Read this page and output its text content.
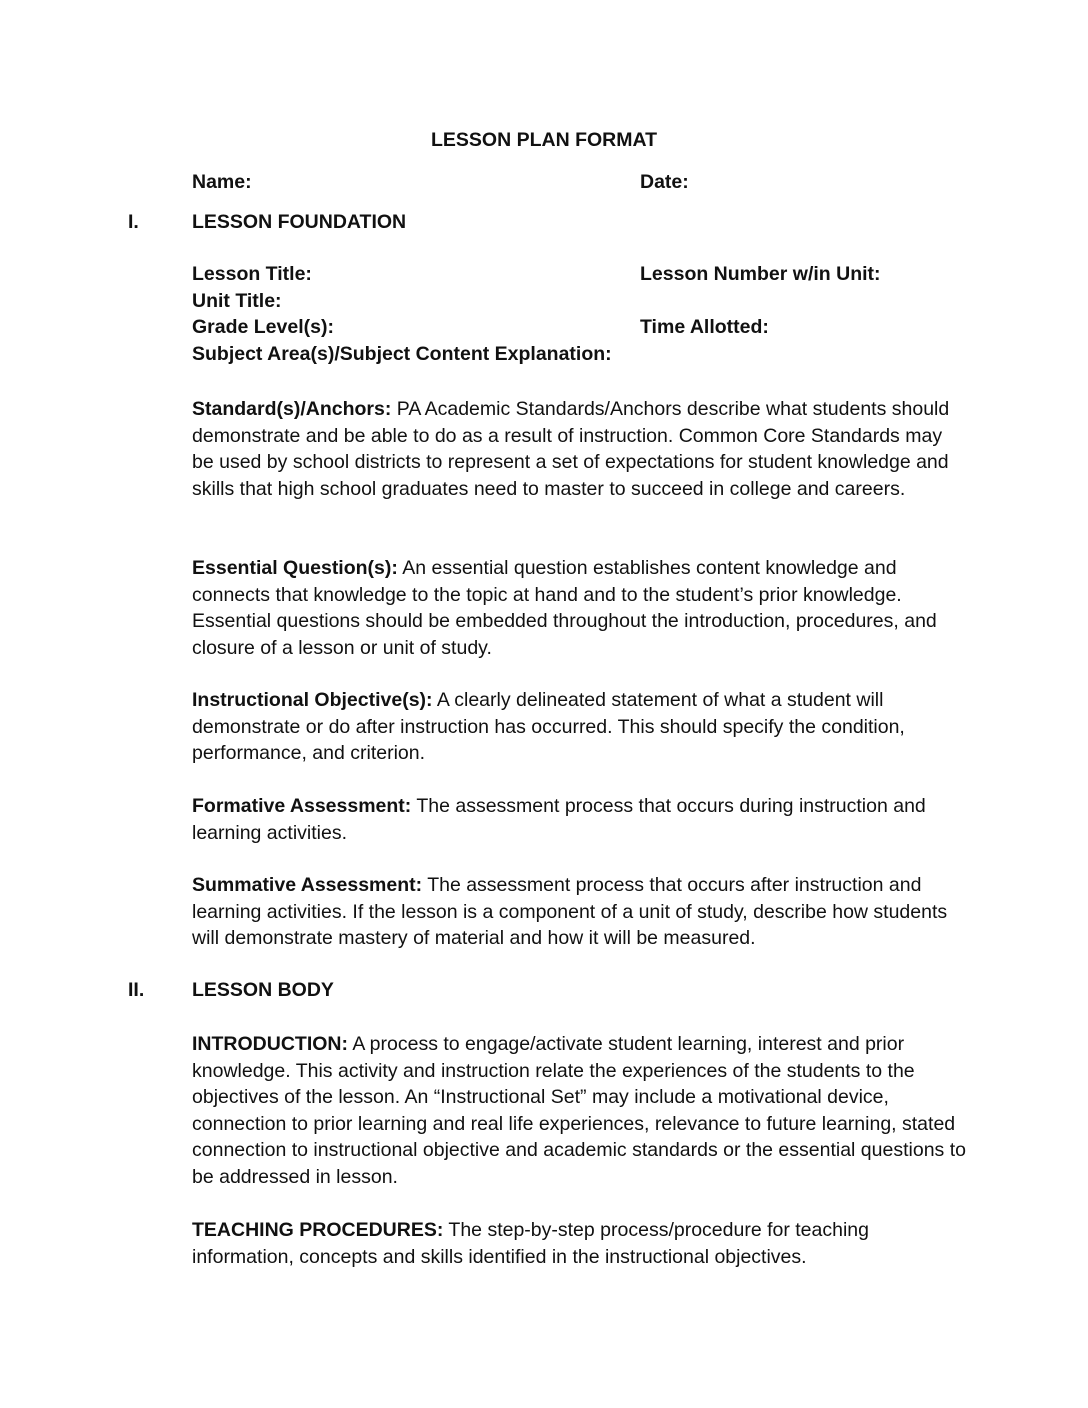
LESSON PLAN FORMAT
Name:	Date:
I.	LESSON FOUNDATION
Lesson Title:	Lesson Number w/in Unit:
Unit Title:
Grade Level(s):	Time Allotted:
Subject Area(s)/Subject Content Explanation:
Standard(s)/Anchors: PA Academic Standards/Anchors describe what students should demonstrate and be able to do as a result of instruction. Common Core Standards may be used by school districts to represent a set of expectations for student knowledge and skills that high school graduates need to master to succeed in college and careers.
Essential Question(s): An essential question establishes content knowledge and connects that knowledge to the topic at hand and to the student’s prior knowledge. Essential questions should be embedded throughout the introduction, procedures, and closure of a lesson or unit of study.
Instructional Objective(s): A clearly delineated statement of what a student will demonstrate or do after instruction has occurred. This should specify the condition, performance, and criterion.
Formative Assessment: The assessment process that occurs during instruction and learning activities.
Summative Assessment: The assessment process that occurs after instruction and learning activities. If the lesson is a component of a unit of study, describe how students will demonstrate mastery of material and how it will be measured.
II. LESSON BODY
INTRODUCTION: A process to engage/activate student learning, interest and prior knowledge. This activity and instruction relate the experiences of the students to the objectives of the lesson. An “Instructional Set” may include a motivational device, connection to prior learning and real life experiences, relevance to future learning, stated connection to instructional objective and academic standards or the essential questions to be addressed in lesson.
TEACHING PROCEDURES: The step-by-step process/procedure for teaching information, concepts and skills identified in the instructional objectives.
